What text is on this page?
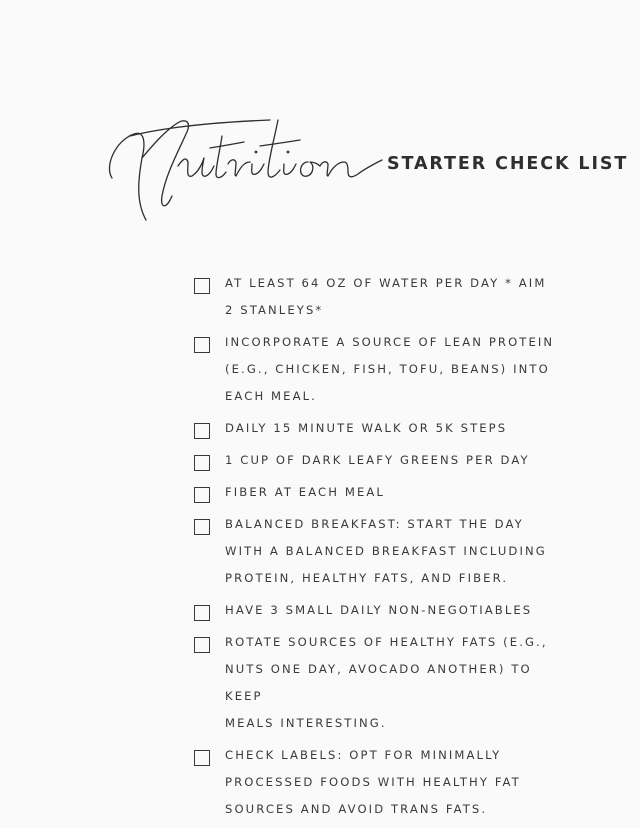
STARTER CHECK LIST
AT LEAST 64 OZ OF WATER PER DAY * AIM
2 STANLEYS*
INCORPORATE A SOURCE OF LEAN PROTEIN
(E.G., CHICKEN, FISH, TOFU, BEANS) INTO
EACH MEAL.
DAILY 15 MINUTE WALK OR 5K STEPS
1 CUP OF DARK LEAFY GREENS PER DAY
FIBER AT EACH MEAL
BALANCED BREAKFAST: START THE DAY
WITH A BALANCED BREAKFAST INCLUDING
PROTEIN, HEALTHY FATS, AND FIBER.
HAVE 3 SMALL DAILY NON-NEGOTIABLES
ROTATE SOURCES OF HEALTHY FATS (E.G.,
NUTS ONE DAY, AVOCADO ANOTHER) TO KEEP
MEALS INTERESTING.
CHECK LABELS: OPT FOR MINIMALLY
PROCESSED FOODS WITH HEALTHY FAT
SOURCES AND AVOID TRANS FATS.
